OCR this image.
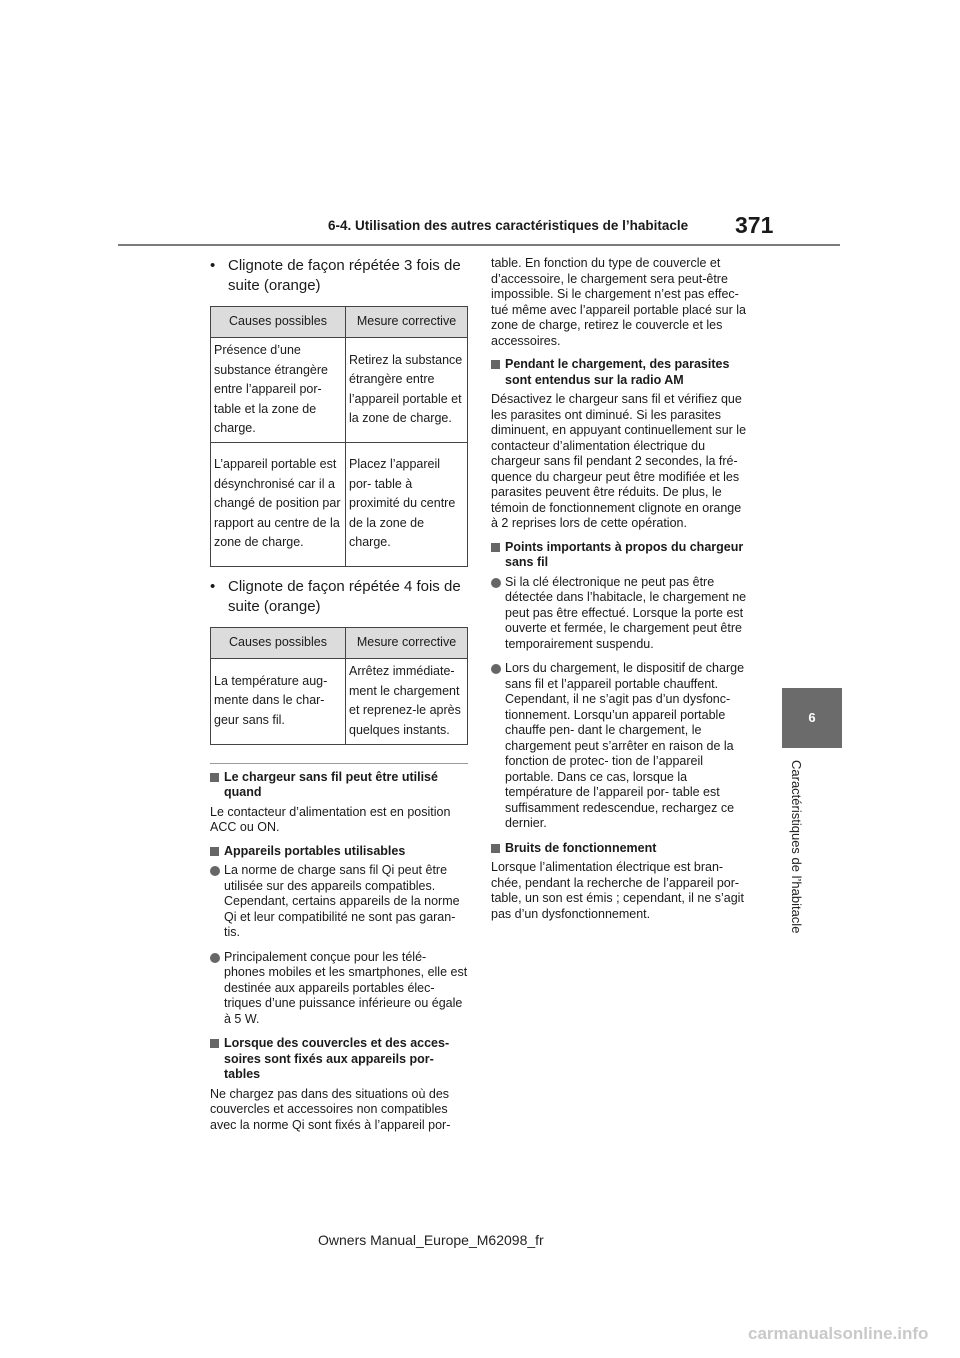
6-4. Utilisation des autres caractéristiques de l’habitacle 371
6
Caractéristiques de l’habitacle
• Clignote de façon répétée 3 fois de suite (orange)
Causes possibles	Mesure corrective
Présence d’une substance étrangère entre l’appareil por- table et la zone de charge.	Retirez la substance étrangère entre l’appareil portable et la zone de charge.
L’appareil portable est désynchronisé car il a changé de position par rapport au centre de la zone de charge.	Placez l’appareil por- table à proximité du centre de la zone de charge.
• Clignote de façon répétée 4 fois de suite (orange)
Causes possibles	Mesure corrective
La température aug- mente dans le char- geur sans fil.	Arrêtez immédiate- ment le chargement et reprenez-le après quelques instants.
Le chargeur sans fil peut être utilisé quand

Le contacteur d’alimentation est en position ACC ou ON.

Appareils portables utilisables
La norme de charge sans fil Qi peut être utilisée sur des appareils compatibles. Cependant, certains appareils de la norme Qi et leur compatibilité ne sont pas garan- tis.
Principalement conçue pour les télé- phones mobiles et les smartphones, elle est destinée aux appareils portables élec- triques d’une puissance inférieure ou égale à 5 W.
Lorsque des couvercles et des acces- soires sont fixés aux appareils por- tables

Ne chargez pas dans des situations où des couvercles et accessoires non compatibles avec la norme Qi sont fixés à l’appareil por-

table. En fonction du type de couvercle et d’accessoire, le chargement sera peut-être impossible. Si le chargement n’est pas effec- tué même avec l’appareil portable placé sur la zone de charge, retirez le couvercle et les accessoires.

Pendant le chargement, des parasites sont entendus sur la radio AM

Désactivez le chargeur sans fil et vérifiez que les parasites ont diminué. Si les parasites diminuent, en appuyant continuellement sur le contacteur d’alimentation électrique du chargeur sans fil pendant 2 secondes, la fré- quence du chargeur peut être modifiée et les parasites peuvent être réduits. De plus, le témoin de fonctionnement clignote en orange à 2 reprises lors de cette opération.

Points importants à propos du chargeur sans fil
Si la clé électronique ne peut pas être détectée dans l’habitacle, le chargement ne peut pas être effectué. Lorsque la porte est ouverte et fermée, le chargement peut être temporairement suspendu.
Lors du chargement, le dispositif de charge sans fil et l’appareil portable chauffent. Cependant, il ne s’agit pas d’un dysfonc- tionnement. Lorsqu’un appareil portable chauffe pen- dant le chargement, le chargement peut s’arrêter en raison de la fonction de protec- tion de l’appareil portable. Dans ce cas, lorsque la température de l’appareil por- table est suffisamment redescendue, rechargez ce dernier.
Bruits de fonctionnement

Lorsque l’alimentation électrique est bran- chée, pendant la recherche de l’appareil por- table, un son est émis ; cependant, il ne s’agit pas d’un dysfonctionnement.

Owners Manual_Europe_M62098_fr
carmanualsonline.info
